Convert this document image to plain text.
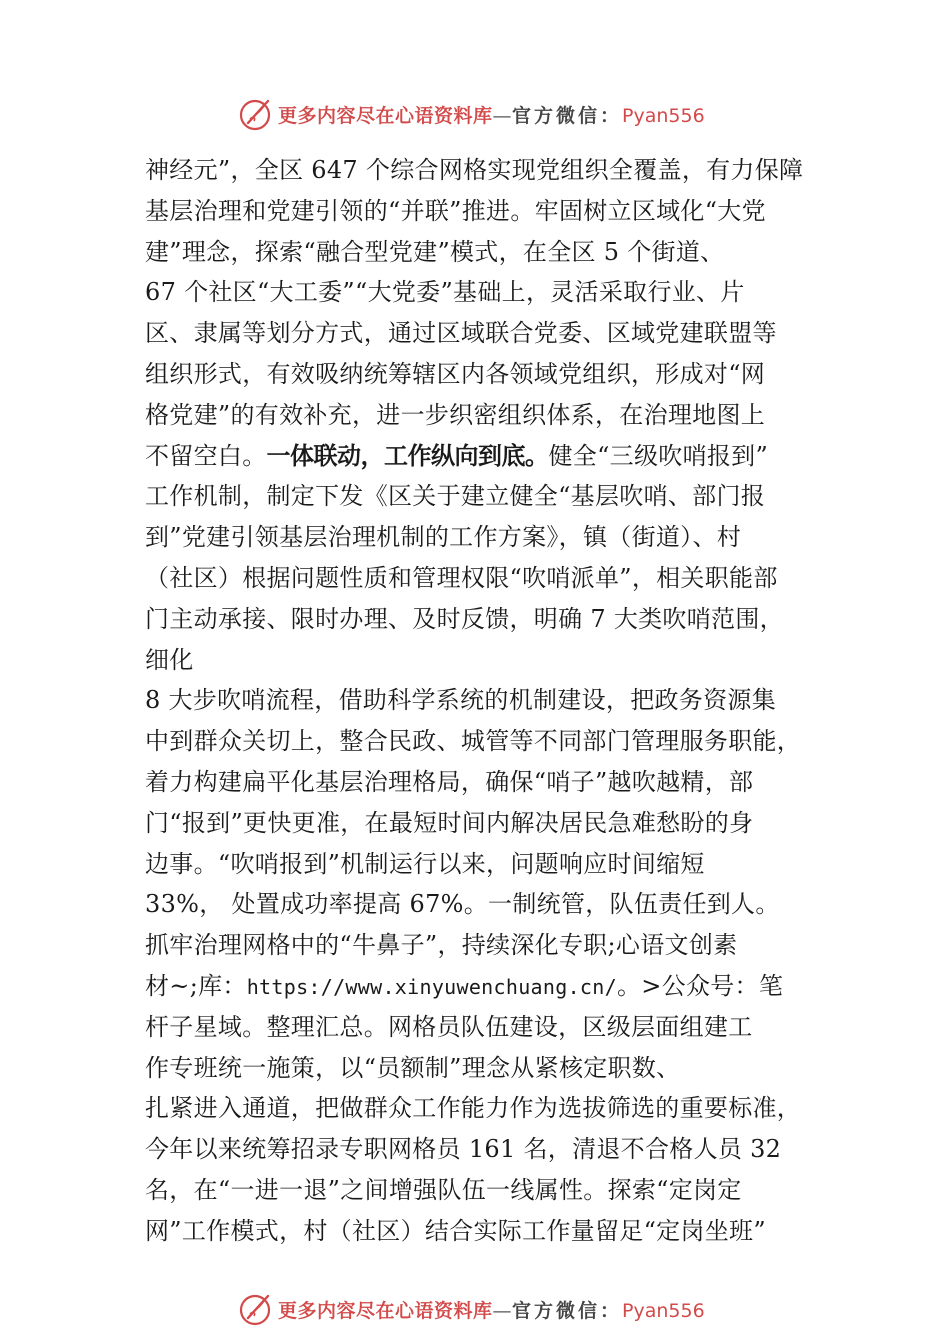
更多内容尽在心语资料库—官方微信：Pyan556
神经元”，全区 647 个综合网格实现党组织全覆盖，有力保障
基层治理和党建引领的“并联”推进。牢固树立区域化“大党
建”理念，探索“融合型党建”模式，在全区 5 个街道、
67 个社区“大工委”“大党委”基础上，灵活采取行业、片
区、隶属等划分方式，通过区域联合党委、区域党建联盟等
组织形式，有效吸纳统筹辖区内各领域党组织，形成对“网
格党建”的有效补充，进一步织密组织体系，在治理地图上
不留空白。一体联动，工作纵向到底。健全“三级吹哨报到”
工作机制，制定下发《区关于建立健全“基层吹哨、部门报
到”党建引领基层治理机制的工作方案》，镇（街道）、村
（社区）根据问题性质和管理权限“吹哨派单”，相关职能部
门主动承接、限时办理、及时反馈，明确 7 大类吹哨范围，
细化
8 大步吹哨流程，借助科学系统的机制建设，把政务资源集
中到群众关切上，整合民政、城管等不同部门管理服务职能，
着力构建扁平化基层治理格局，确保“哨子”越吹越精，部
门“报到”更快更准，在最短时间内解决居民急难愁盼的身
边事。“吹哨报到”机制运行以来，问题响应时间缩短
33%， 处置成功率提高 67%。一制统管，队伍责任到人。
抓牢治理网格中的“牛鼻子”，持续深化专职;心语文创素
材~;库：https://www.xinyuwenchuang.cn/。>公众号：笔
杆子星域。整理汇总。网格员队伍建设，区级层面组建工
作专班统一施策，以“员额制”理念从紧核定职数、
扎紧进入通道，把做群众工作能力作为选拔筛选的重要标准，
今年以来统筹招录专职网格员 161 名，清退不合格人员 32
名，在“一进一退”之间增强队伍一线属性。探索“定岗定
网”工作模式，村（社区）结合实际工作量留足“定岗坐班”
更多内容尽在心语资料库—官方微信：Pyan556
